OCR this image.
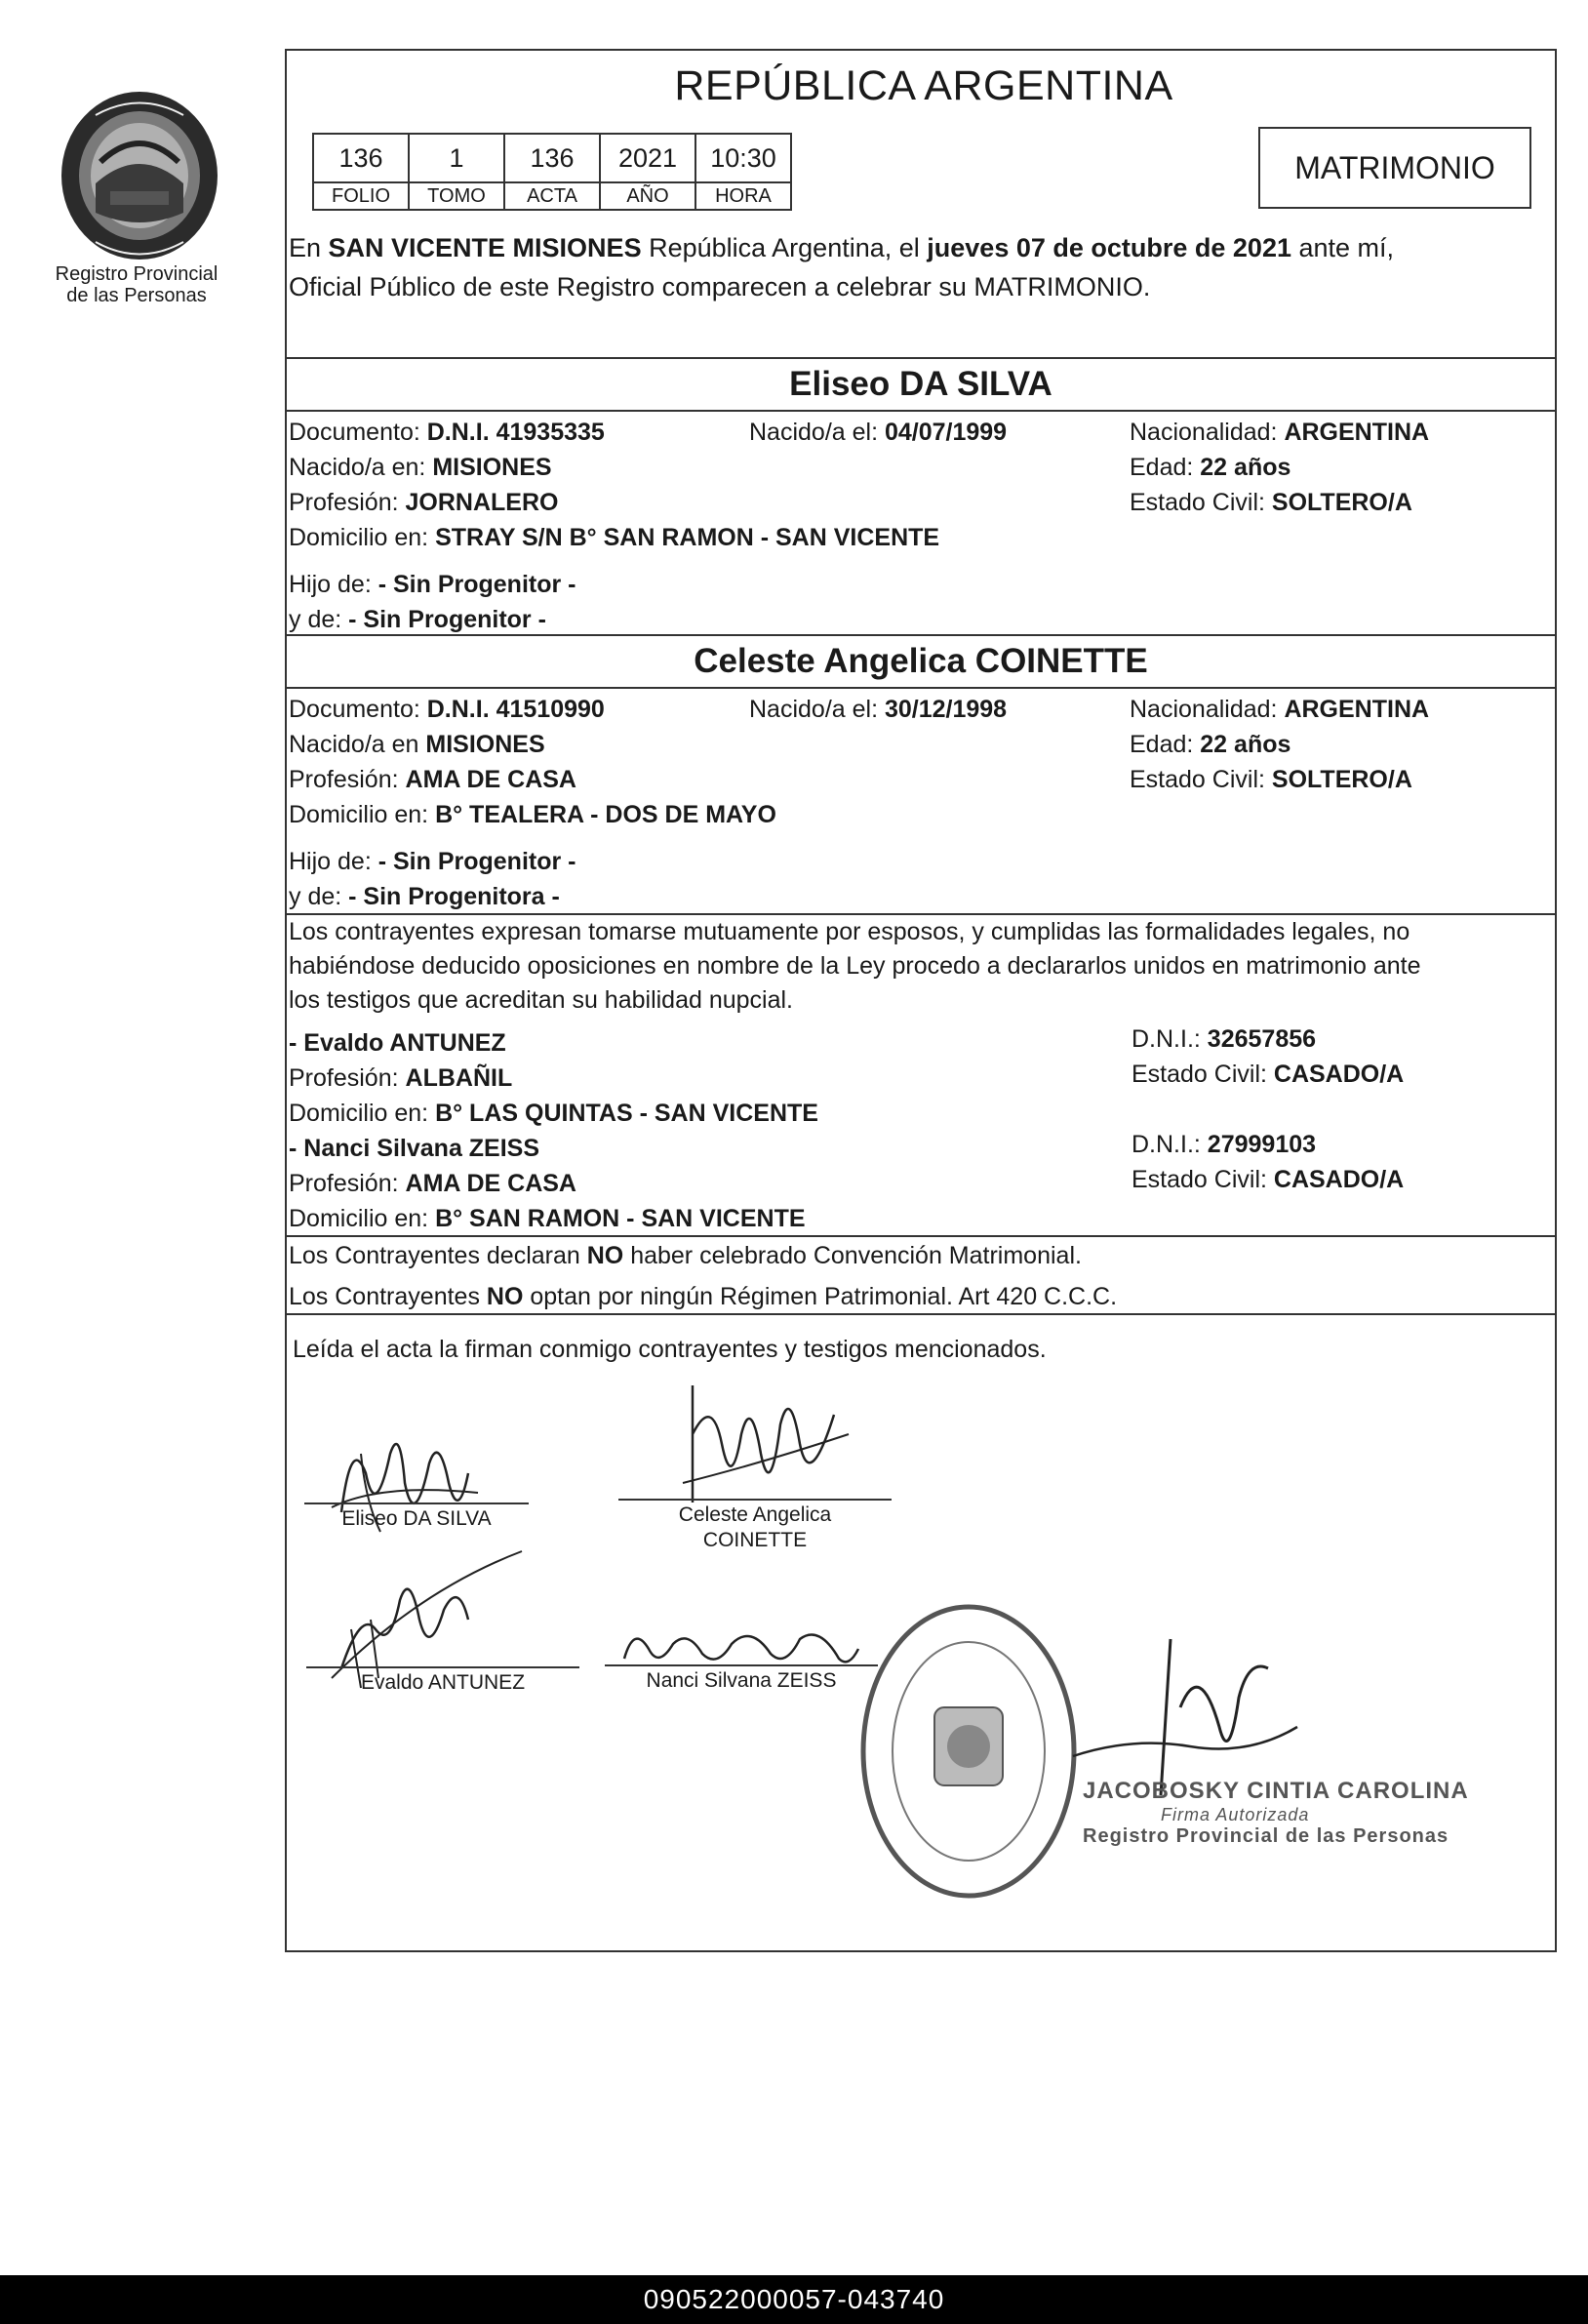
Registro Provincial
de las Personas
REPÚBLICA ARGENTINA
136	1	136	2021	10:30
FOLIO	TOMO	ACTA	AÑO	HORA
MATRIMONIO
En SAN VICENTE MISIONES República Argentina, el jueves 07 de octubre de 2021 ante mí,
Oficial Público de este Registro comparecen a celebrar su MATRIMONIO.
Eliseo DA SILVA
Documento: D.N.I. 41935335	Nacido/a el: 04/07/1999	Nacionalidad: ARGENTINA
Nacido/a en: MISIONES	Edad: 22 años
Profesión: JORNALERO	Estado Civil: SOLTERO/A
Domicilio en: STRAY S/N B° SAN RAMON - SAN VICENTE
Hijo de: - Sin Progenitor -
y de: - Sin Progenitor -
Celeste Angelica COINETTE
Documento: D.N.I. 41510990	Nacido/a el: 30/12/1998	Nacionalidad: ARGENTINA
Nacido/a en MISIONES	Edad: 22 años
Profesión: AMA DE CASA	Estado Civil: SOLTERO/A
Domicilio en: B° TEALERA - DOS DE MAYO
Hijo de: - Sin Progenitor -
y de: - Sin Progenitora -
Los contrayentes expresan tomarse mutuamente por esposos, y cumplidas las formalidades legales, no
habiéndose deducido oposiciones en nombre de la Ley procedo a declararlos unidos en matrimonio ante
los testigos que acreditan su habilidad nupcial.
- Evaldo ANTUNEZ	D.N.I.: 32657856
Profesión: ALBAÑIL	Estado Civil: CASADO/A
Domicilio en: B° LAS QUINTAS - SAN VICENTE
- Nanci Silvana ZEISS	D.N.I.: 27999103
Profesión: AMA DE CASA	Estado Civil: CASADO/A
Domicilio en: B° SAN RAMON - SAN VICENTE
Los Contrayentes declaran NO haber celebrado Convención Matrimonial.
Los Contrayentes NO optan por ningún Régimen Patrimonial. Art 420 C.C.C.
Leída el acta la firman conmigo contrayentes y testigos mencionados.
Eliseo DA SILVA	Celeste Angelica
COINETTE
Evaldo ANTUNEZ	Nanci Silvana ZEISS
JACOBOSKY CINTIA CAROLINA
Firma Autorizada
Registro Provincial de las Personas
090522000057-043740
